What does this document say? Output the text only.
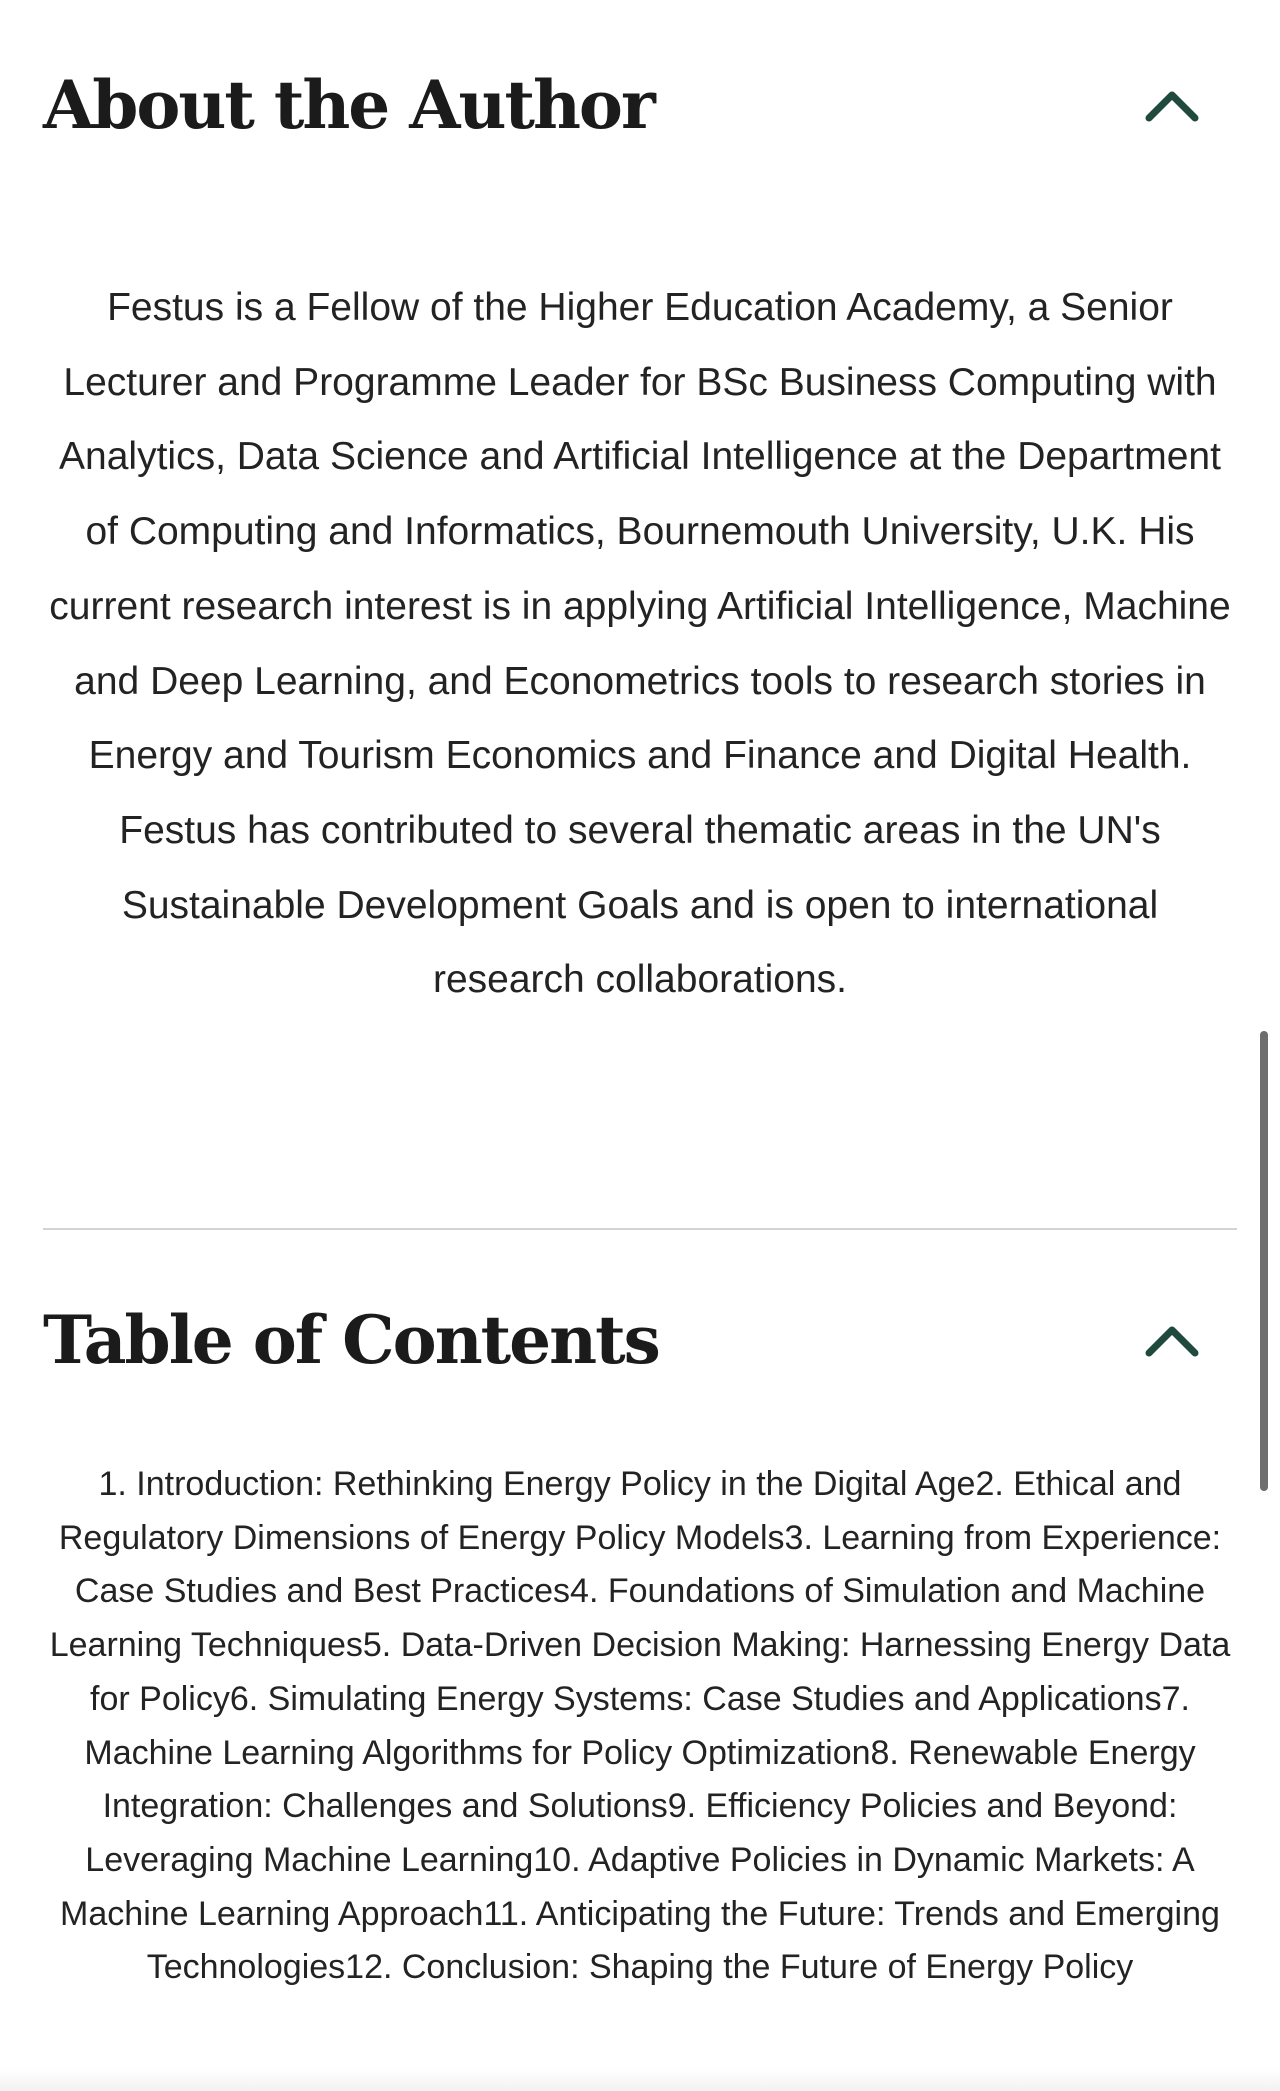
About the Author

Festus is a Fellow of the Higher Education Academy, a Senior Lecturer and Programme Leader for BSc Business Computing with Analytics, Data Science and Artificial Intelligence at the Department of Computing and Informatics, Bournemouth University, U.K. His current research interest is in applying Artificial Intelligence, Machine and Deep Learning, and Econometrics tools to research stories in Energy and Tourism Economics and Finance and Digital Health. Festus has contributed to several thematic areas in the UN's Sustainable Development Goals and is open to international research collaborations.

Table of Contents

1. Introduction: Rethinking Energy Policy in the Digital Age2. Ethical and Regulatory Dimensions of Energy Policy Models3. Learning from Experience: Case Studies and Best Practices4. Foundations of Simulation and Machine Learning Techniques5. Data-Driven Decision Making: Harnessing Energy Data for Policy6. Simulating Energy Systems: Case Studies and Applications7. Machine Learning Algorithms for Policy Optimization8. Renewable Energy Integration: Challenges and Solutions9. Efficiency Policies and Beyond: Leveraging Machine Learning10. Adaptive Policies in Dynamic Markets: A Machine Learning Approach11. Anticipating the Future: Trends and Emerging Technologies12. Conclusion: Shaping the Future of Energy Policy
